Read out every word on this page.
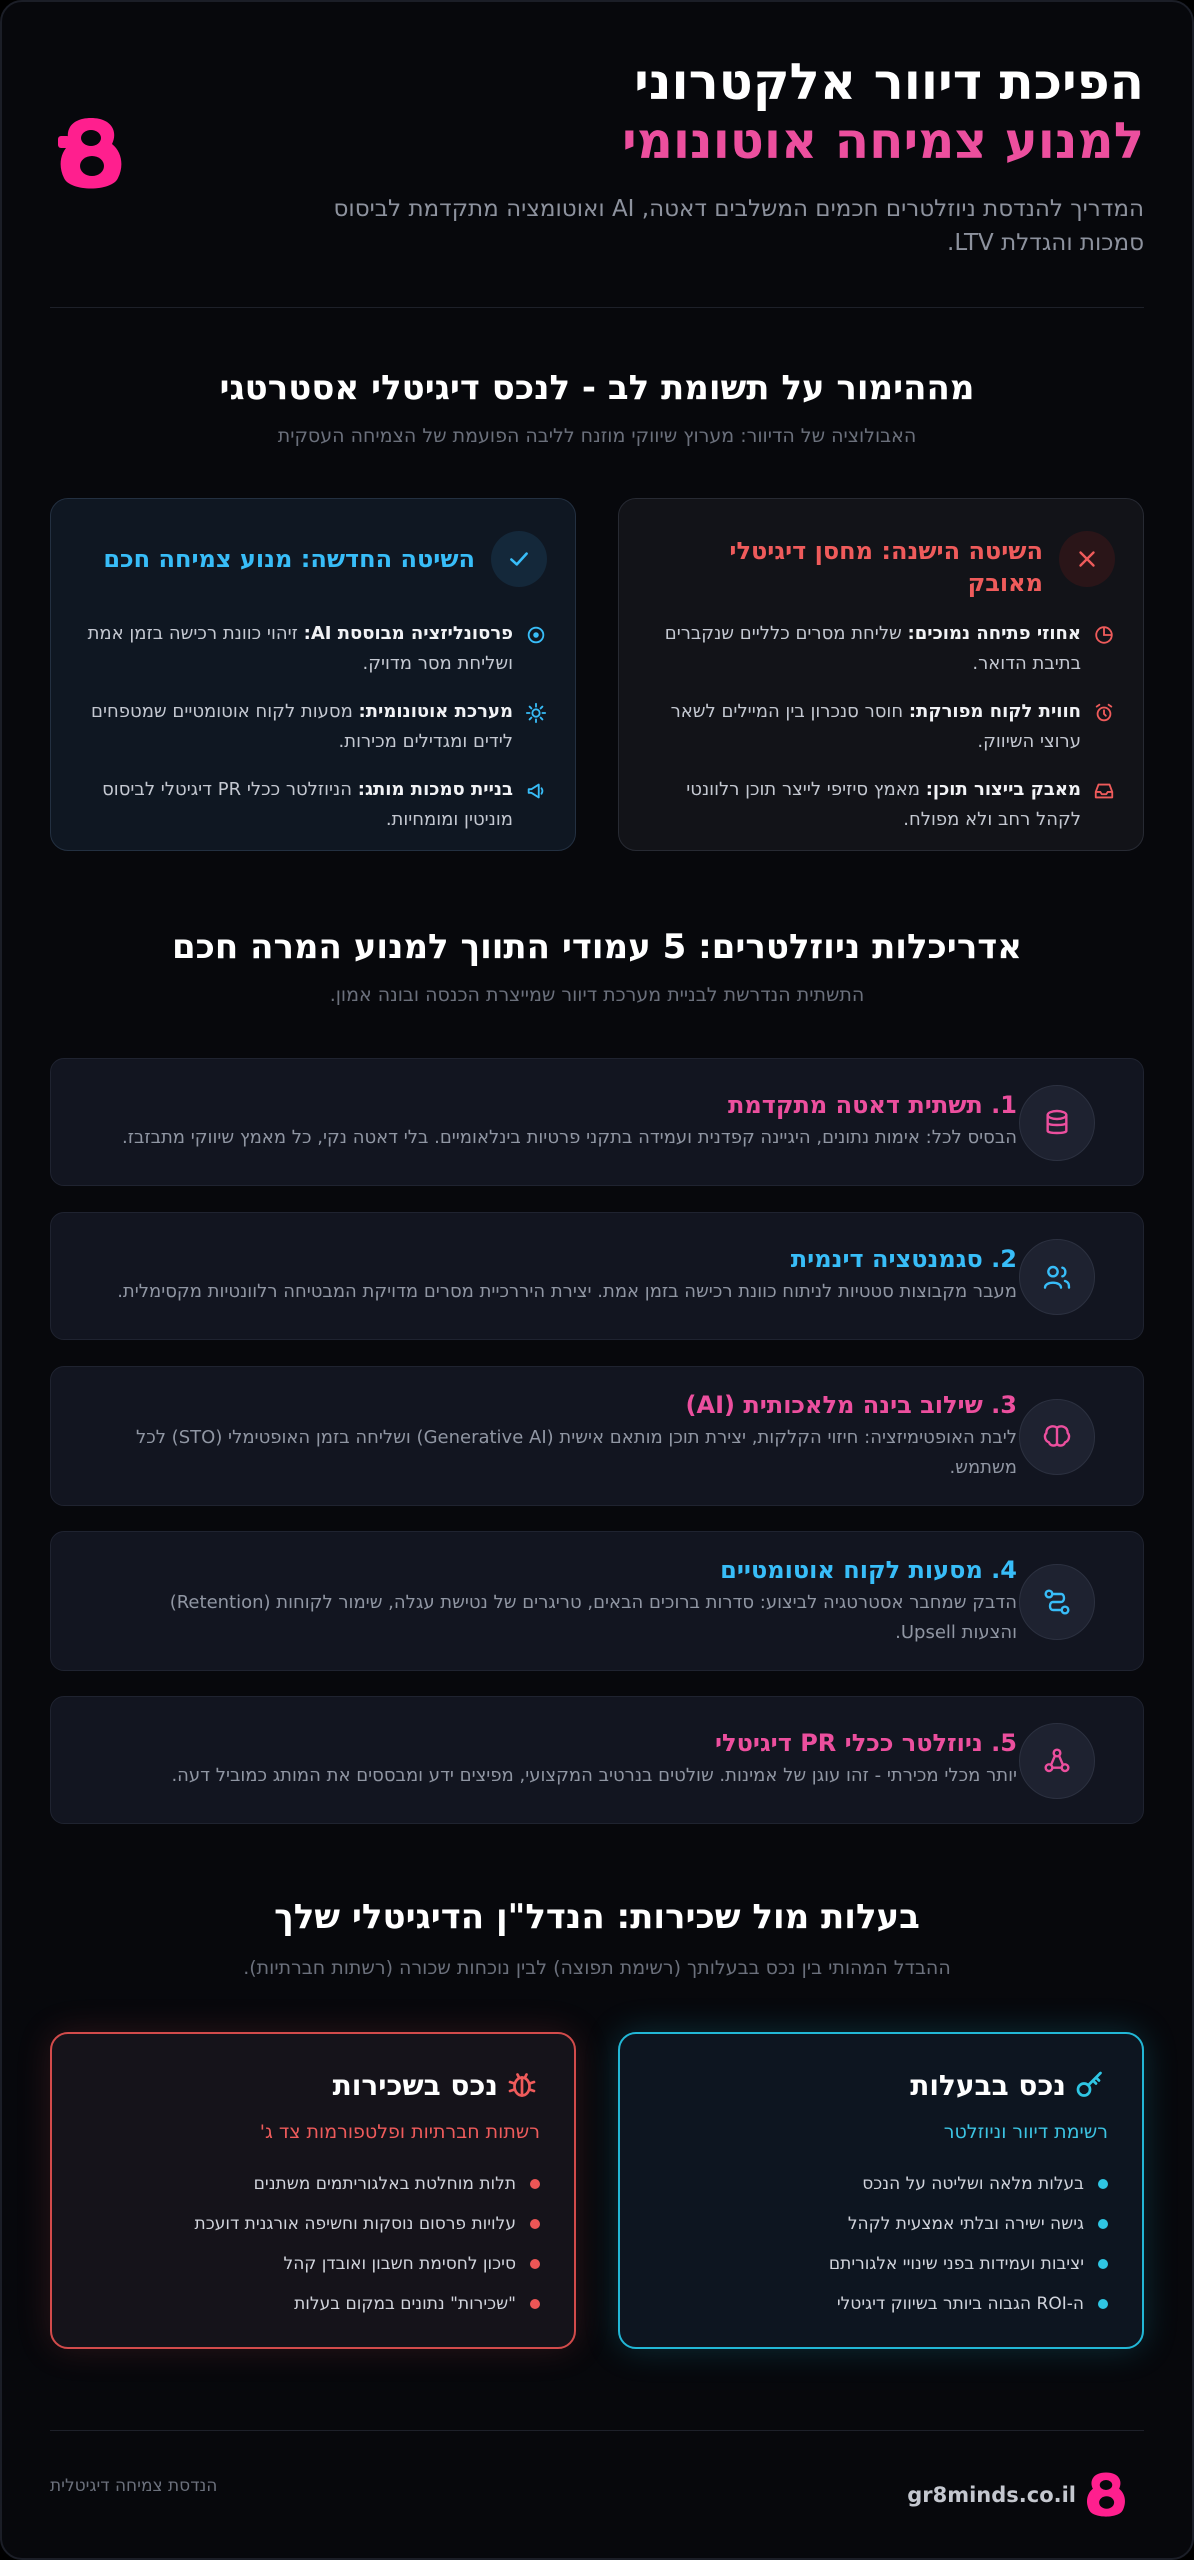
הפיכת דיוור אלקטרוני
למנוע צמיחה אוטונומי
המדריך להנדסת ניוזלטרים חכמים המשלבים דאטה, AI ואוטומציה מתקדמת לביסוס סמכות והגדלת LTV.
מההימור על תשומת לב - לנכס דיגיטלי אסטרטגי
האבולוציה של הדיוור: מערוץ שיווקי מוזנח לליבה הפועמת של הצמיחה העסקית
השיטה הישנה: מחסן דיגיטלי מאובק
אחוזי פתיחה נמוכים: שליחת מסרים כלליים שנקברים בתיבת הדואר.
חווית לקוח מפורקת: חוסר סנכרון בין המיילים לשאר ערוצי השיווק.
מאבק בייצור תוכן: מאמץ סיזיפי לייצר תוכן רלוונטי לקהל רחב ולא מפולח.
השיטה החדשה: מנוע צמיחה חכם
פרסונליזציה מבוססת AI: זיהוי כוונת רכישה בזמן אמת ושליחת מסר מדויק.
מערכת אוטונומית: מסעות לקוח אוטומטיים שמטפחים לידים ומגדילים מכירות.
בניית סמכות מותג: הניוזלטר ככלי PR דיגיטלי לביסוס מוניטין ומומחיות.
אדריכלות ניוזלטרים: 5 עמודי התווך למנוע המרה חכם
התשתית הנדרשת לבניית מערכת דיוור שמייצרת הכנסה ובונה אמון.
1. תשתית דאטה מתקדמת
הבסיס לכל: אימות נתונים, היגיינה קפדנית ועמידה בתקני פרטיות בינלאומיים. בלי דאטה נקי, כל מאמץ שיווקי מתבזבז.
2. סגמנטציה דינמית
מעבר מקבוצות סטטיות לניתוח כוונת רכישה בזמן אמת. יצירת היררכיית מסרים מדויקת המבטיחה רלוונטיות מקסימלית.
3. שילוב בינה מלאכותית (AI)
ליבת האופטימיזציה: חיזוי הקלקות, יצירת תוכן מותאם אישית (Generative AI) ושליחה בזמן האופטימלי (STO) לכל משתמש.
4. מסעות לקוח אוטומטיים
הדבק שמחבר אסטרטגיה לביצוע: סדרות ברוכים הבאים, טריגרים של נטישת עגלה, שימור לקוחות (Retention) והצעות Upsell.
5. ניוזלטר ככלי PR דיגיטלי
יותר מכלי מכירתי - זהו עוגן של אמינות. שולטים בנרטיב המקצועי, מפיצים ידע ומבססים את המותג כמוביל דעה.
בעלות מול שכירות: הנדל"ן הדיגיטלי שלך
ההבדל המהותי בין נכס בבעלותך (רשימת תפוצה) לבין נוכחות שכורה (רשתות חברתיות).
נכס בבעלות
רשימת דיוור וניוזלטר
בעלות מלאה ושליטה על הנכס
גישה ישירה ובלתי אמצעית לקהל
יציבות ועמידות בפני שינויי אלגוריתם
ה-ROI הגבוה ביותר בשיווק דיגיטלי
נכס בשכירות
רשתות חברתיות ופלטפורמות צד ג'
תלות מוחלטת באלגוריתמים משתנים
עלויות פרסום נוסקות וחשיפה אורגנית דועכת
סיכון לחסימת חשבון ואובדן קהל
"שכירות" נתונים במקום בעלות
gr8minds.co.il
הנדסת צמיחה דיגיטלית
